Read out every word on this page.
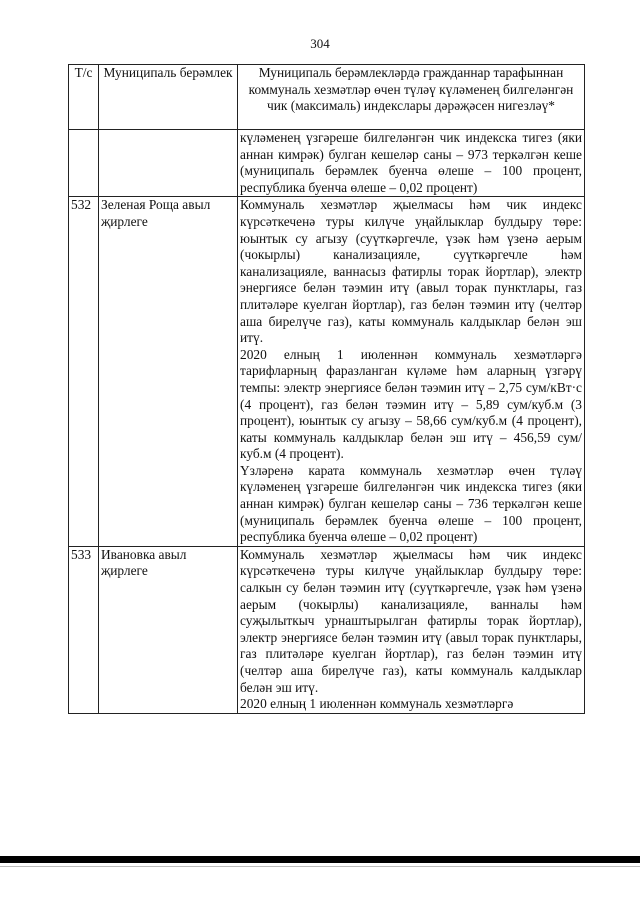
304
Т/с	Муниципаль берәмлек	Муниципаль берәмлекләрдә гражданнар тарафыннан коммуналь хезмәтләр өчен түләү күләменең билгеләнгән чик (максималь) индекслары дәрәҗәсен нигезләү*

		күләменең үзгәреше билгеләнгән чик индекска тигез (яки аннан кимрәк) булган кешеләр саны – 973 теркәлгән кеше (муниципаль берәмлек буенча өлеше – 100 процент, республика буенча өлеше – 0,02 процент)

532	Зеленая Роща авыл җирлеге	Коммуналь хезмәтләр җыелмасы һәм чик индекс күрсәткеченә туры килүче уңайлыклар булдыру төре: юынтык су агызу (суүткәргечле, үзәк һәм үзенә аерым (чокырлы) канализацияле, суүткәргечле һәм канализацияле, ваннасыз фатирлы торак йортлар), электр энергиясе белән тәэмин итү (авыл торак пунктлары, газ плитәләре куелган йортлар), газ белән тәэмин итү (челтәр аша бирелүче газ), каты коммуналь калдыклар белән эш итү.

2020 елның 1 июленнән коммуналь хезмәтләргә тарифларның фаразланган күләме һәм аларның үзгәрү темпы: электр энергиясе белән тәэмин итү – 2,75 сум/кВт·с (4 процент), газ белән тәэмин итү – 5,89 сум/куб.м (3 процент), юынтык су агызу – 58,66 сум/куб.м (4 процент), каты коммуналь калдыклар белән эш итү – 456,59 сум/куб.м (4 процент).

Үзләренә карата коммуналь хезмәтләр өчен түләү күләменең үзгәреше билгеләнгән чик индекска тигез (яки аннан кимрәк) булган кешеләр саны – 736 теркәлгән кеше (муниципаль берәмлек буенча өлеше – 100 процент, республика буенча өлеше – 0,02 процент)

533	Ивановка авыл җирлеге	Коммуналь хезмәтләр җыелмасы һәм чик индекс күрсәткеченә туры килүче уңайлыклар булдыру төре: салкын су белән тәэмин итү (суүткәргечле, үзәк һәм үзенә аерым (чокырлы) канализацияле, ванналы һәм суҗылыткыч урнаштырылган фатирлы торак йортлар), электр энергиясе белән тәэмин итү (авыл торак пунктлары, газ плитәләре куелган йортлар), газ белән тәэмин итү (челтәр аша бирелүче газ), каты коммуналь калдыклар белән эш итү.

2020 елның 1 июленнән коммуналь хезмәтләргә
